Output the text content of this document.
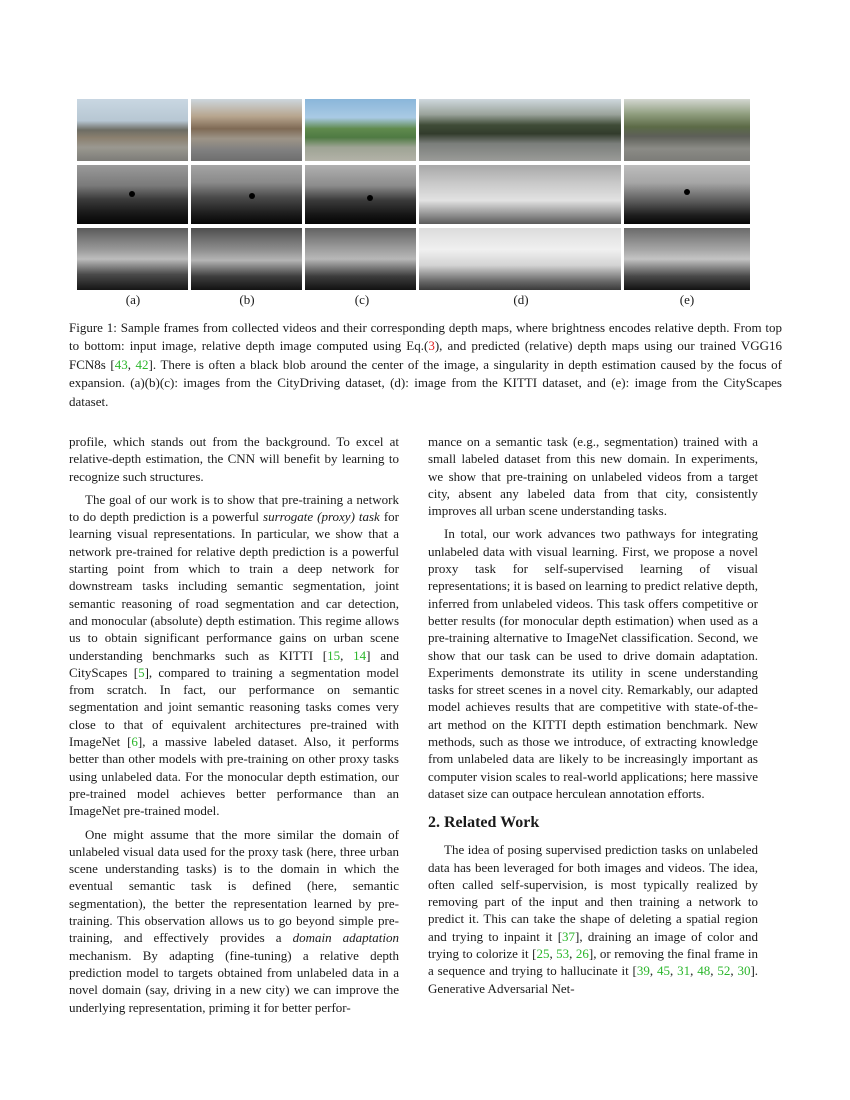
(a)	(b)	(c)	(d)	(e)
Figure 1: Sample frames from collected videos and their corresponding depth maps, where brightness encodes relative depth. From top to bottom: input image, relative depth image computed using Eq.(3), and predicted (relative) depth maps using our trained VGG16 FCN8s [43, 42]. There is often a black blob around the center of the image, a singularity in depth estimation caused by the focus of expansion. (a)(b)(c): images from the CityDriving dataset, (d): image from the KITTI dataset, and (e): image from the CityScapes dataset.

profile, which stands out from the background. To excel at relative-depth estimation, the CNN will benefit by learning to recognize such structures.

The goal of our work is to show that pre-training a network to do depth prediction is a powerful surrogate (proxy) task for learning visual representations. In particular, we show that a network pre-trained for relative depth prediction is a powerful starting point from which to train a deep network for downstream tasks including semantic segmentation, joint semantic reasoning of road segmentation and car detection, and monocular (absolute) depth estimation. This regime allows us to obtain significant performance gains on urban scene understanding benchmarks such as KITTI [15, 14] and CityScapes [5], compared to training a segmentation model from scratch. In fact, our performance on semantic segmentation and joint semantic reasoning tasks comes very close to that of equivalent architectures pre-trained with ImageNet [6], a massive labeled dataset. Also, it performs better than other models with pre-training on other proxy tasks using unlabeled data. For the monocular depth estimation, our pre-trained model achieves better performance than an ImageNet pre-trained model.

One might assume that the more similar the domain of unlabeled visual data used for the proxy task (here, three urban scene understanding tasks) is to the domain in which the eventual semantic task is defined (here, semantic segmentation), the better the representation learned by pre-training. This observation allows us to go beyond simple pre-training, and effectively provides a domain adaptation mechanism. By adapting (fine-tuning) a relative depth prediction model to targets obtained from unlabeled data in a novel domain (say, driving in a new city) we can improve the underlying representation, priming it for better perfor-

mance on a semantic task (e.g., segmentation) trained with a small labeled dataset from this new domain. In experiments, we show that pre-training on unlabeled videos from a target city, absent any labeled data from that city, consistently improves all urban scene understanding tasks.

In total, our work advances two pathways for integrating unlabeled data with visual learning. First, we propose a novel proxy task for self-supervised learning of visual representations; it is based on learning to predict relative depth, inferred from unlabeled videos. This task offers competitive or better results (for monocular depth estimation) when used as a pre-training alternative to ImageNet classification. Second, we show that our task can be used to drive domain adaptation. Experiments demonstrate its utility in scene understanding tasks for street scenes in a novel city. Remarkably, our adapted model achieves results that are competitive with state-of-the-art method on the KITTI depth estimation benchmark. New methods, such as those we introduce, of extracting knowledge from unlabeled data are likely to be increasingly important as computer vision scales to real-world applications; here massive dataset size can outpace herculean annotation efforts.

2. Related Work

The idea of posing supervised prediction tasks on unlabeled data has been leveraged for both images and videos. The idea, often called self-supervision, is most typically realized by removing part of the input and then training a network to predict it. This can take the shape of deleting a spatial region and trying to inpaint it [37], draining an image of color and trying to colorize it [25, 53, 26], or removing the final frame in a sequence and trying to hallucinate it [39, 45, 31, 48, 52, 30]. Generative Adversarial Net-
